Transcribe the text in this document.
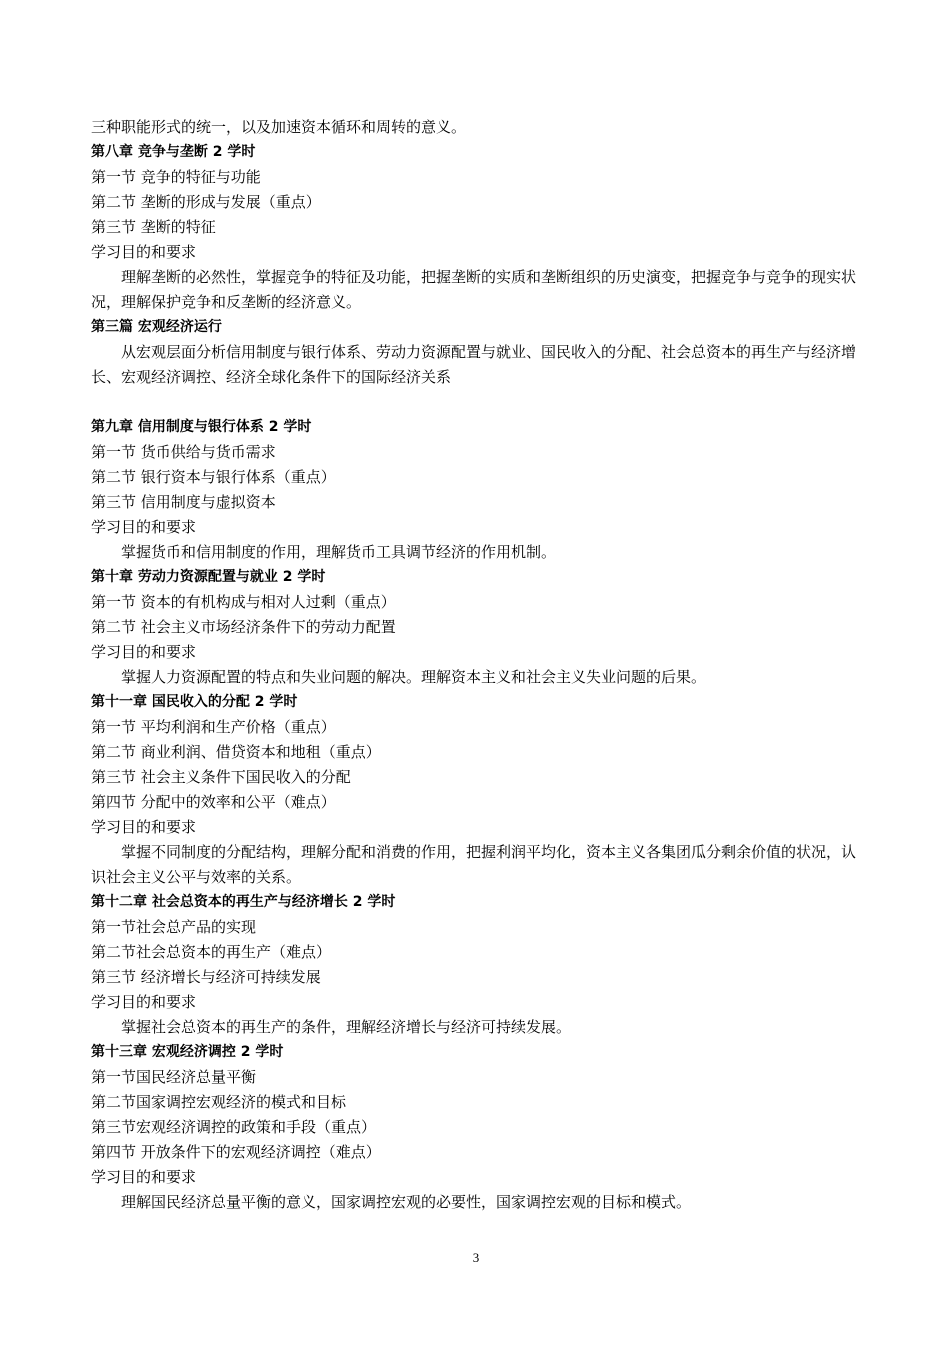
三种职能形式的统一，以及加速资本循环和周转的意义。
第八章 竞争与垄断 2 学时
第一节 竞争的特征与功能
第二节 垄断的形成与发展（重点）
第三节 垄断的特征
学习目的和要求
理解垄断的必然性，掌握竞争的特征及功能，把握垄断的实质和垄断组织的历史演变，把握竞争与竞争的现实状况，理解保护竞争和反垄断的经济意义。
第三篇 宏观经济运行
从宏观层面分析信用制度与银行体系、劳动力资源配置与就业、国民收入的分配、社会总资本的再生产与经济增长、宏观经济调控、经济全球化条件下的国际经济关系
第九章 信用制度与银行体系 2 学时
第一节 货币供给与货币需求
第二节 银行资本与银行体系（重点）
第三节 信用制度与虚拟资本
学习目的和要求
掌握货币和信用制度的作用，理解货币工具调节经济的作用机制。
第十章 劳动力资源配置与就业 2 学时
第一节 资本的有机构成与相对人过剩（重点）
第二节 社会主义市场经济条件下的劳动力配置
学习目的和要求
掌握人力资源配置的特点和失业问题的解决。理解资本主义和社会主义失业问题的后果。
第十一章 国民收入的分配 2 学时
第一节 平均利润和生产价格（重点）
第二节 商业利润、借贷资本和地租（重点）
第三节 社会主义条件下国民收入的分配
第四节 分配中的效率和公平（难点）
学习目的和要求
掌握不同制度的分配结构，理解分配和消费的作用，把握利润平均化，资本主义各集团瓜分剩余价值的状况，认识社会主义公平与效率的关系。
第十二章 社会总资本的再生产与经济增长 2 学时
第一节社会总产品的实现
第二节社会总资本的再生产（难点）
第三节 经济增长与经济可持续发展
学习目的和要求
掌握社会总资本的再生产的条件，理解经济增长与经济可持续发展。
第十三章 宏观经济调控 2 学时
第一节国民经济总量平衡
第二节国家调控宏观经济的模式和目标
第三节宏观经济调控的政策和手段（重点）
第四节 开放条件下的宏观经济调控（难点）
学习目的和要求
理解国民经济总量平衡的意义，国家调控宏观的必要性，国家调控宏观的目标和模式。
3
